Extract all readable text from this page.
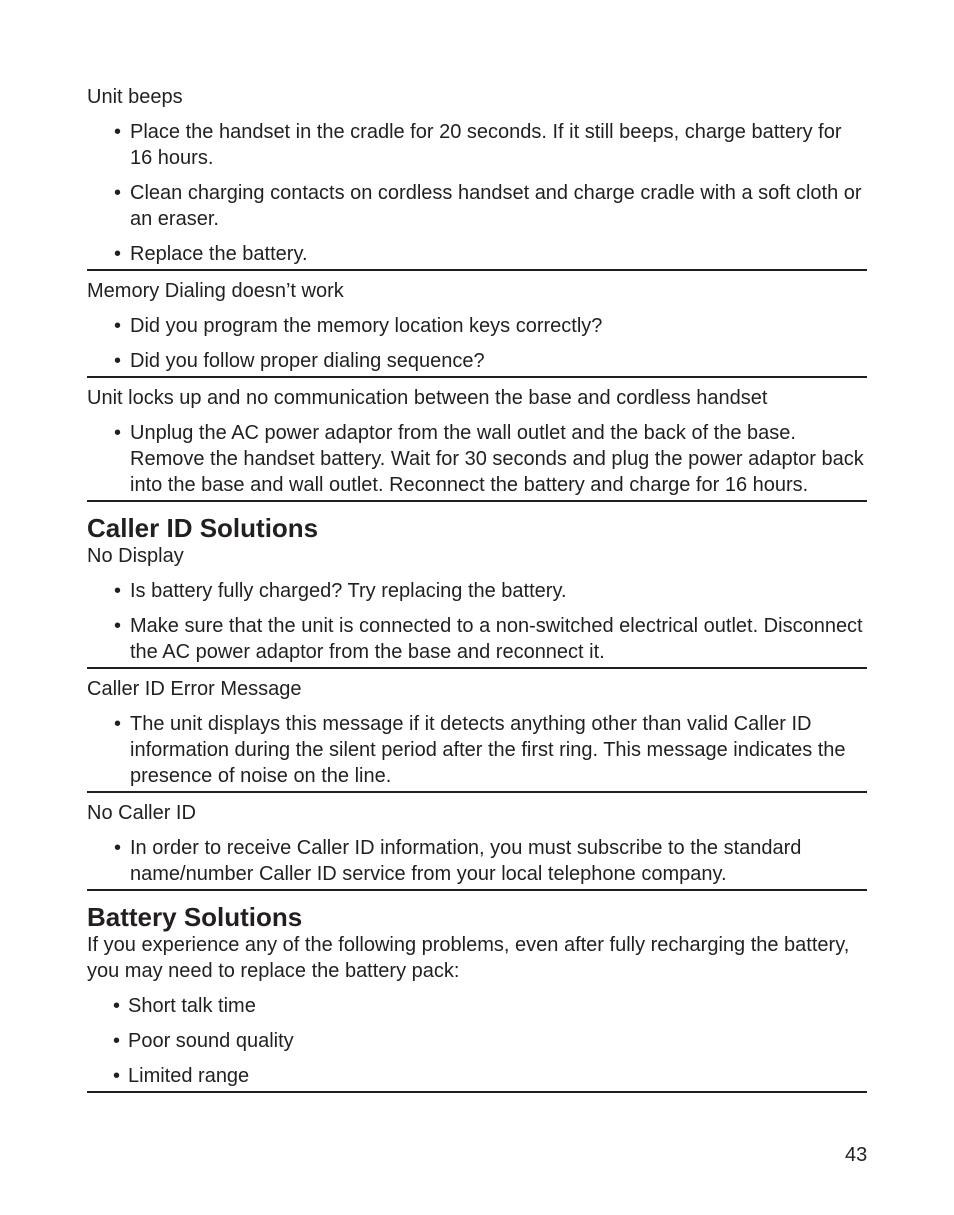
Unit beeps

• Place the handset in the cradle for 20 seconds. If it still beeps, charge battery for 16 hours.
• Clean charging contacts on cordless handset and charge cradle with a soft cloth or an eraser.
• Replace the battery.

Memory Dialing doesn’t work

• Did you program the memory location keys correctly?
• Did you follow proper dialing sequence?

Unit locks up and no communication between the base and cordless handset

• Unplug the AC power adaptor from the wall outlet and the back of the base. Remove the handset battery. Wait for 30 seconds and plug the power adaptor back into the base and wall outlet. Reconnect the battery and charge for 16 hours.
Caller ID Solutions

No Display

• Is battery fully charged? Try replacing the battery.
• Make sure that the unit is connected to a non-switched electrical outlet. Disconnect the AC power adaptor from the base and reconnect it.

Caller ID Error Message

• The unit displays this message if it detects anything other than valid Caller ID information during the silent period after the first ring. This message indicates the presence of noise on the line.

No Caller ID

• In order to receive Caller ID information, you must subscribe to the standard name/number Caller ID service from your local telephone company.
Battery Solutions

If you experience any of the following problems, even after fully recharging the battery, you may need to replace the battery pack:

• Short talk time
• Poor sound quality
• Limited range
43
